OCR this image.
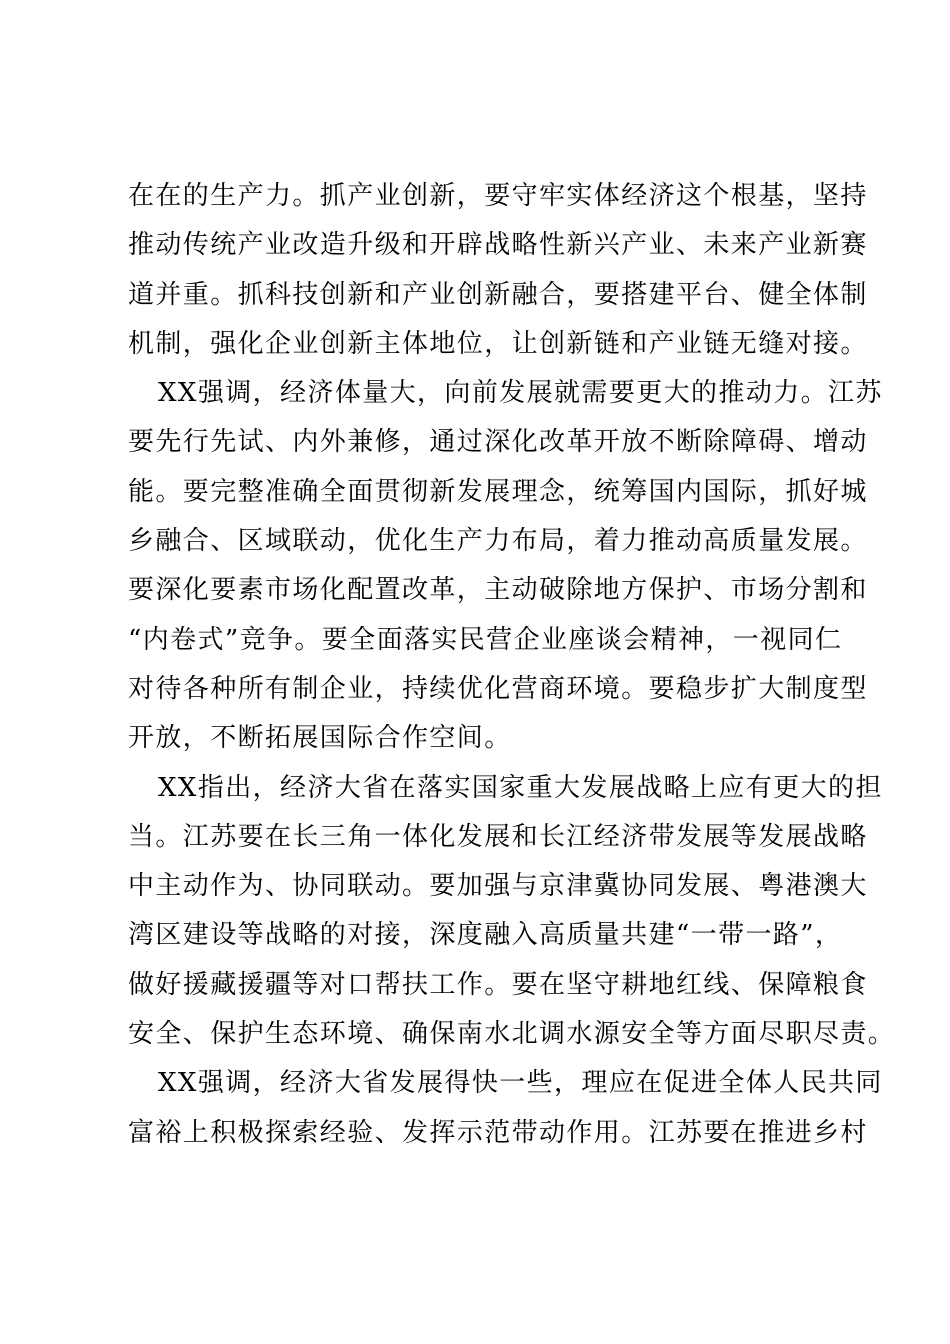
在在的生产力。抓产业创新，要守牢实体经济这个根基，坚持
推动传统产业改造升级和开辟战略性新兴产业、未来产业新赛
道并重。抓科技创新和产业创新融合，要搭建平台、健全体制
机制，强化企业创新主体地位，让创新链和产业链无缝对接。
XX强调，经济体量大，向前发展就需要更大的推动力。江苏
要先行先试、内外兼修，通过深化改革开放不断除障碍、增动
能。要完整准确全面贯彻新发展理念，统筹国内国际，抓好城
乡融合、区域联动，优化生产力布局，着力推动高质量发展。
要深化要素市场化配置改革，主动破除地方保护、市场分割和
“内卷式”竞争。要全面落实民营企业座谈会精神，一视同仁
对待各种所有制企业，持续优化营商环境。要稳步扩大制度型
开放，不断拓展国际合作空间。
XX指出，经济大省在落实国家重大发展战略上应有更大的担
当。江苏要在长三角一体化发展和长江经济带发展等发展战略
中主动作为、协同联动。要加强与京津冀协同发展、粤港澳大
湾区建设等战略的对接，深度融入高质量共建“一带一路”，
做好援藏援疆等对口帮扶工作。要在坚守耕地红线、保障粮食
安全、保护生态环境、确保南水北调水源安全等方面尽职尽责。
XX强调，经济大省发展得快一些，理应在促进全体人民共同
富裕上积极探索经验、发挥示范带动作用。江苏要在推进乡村
